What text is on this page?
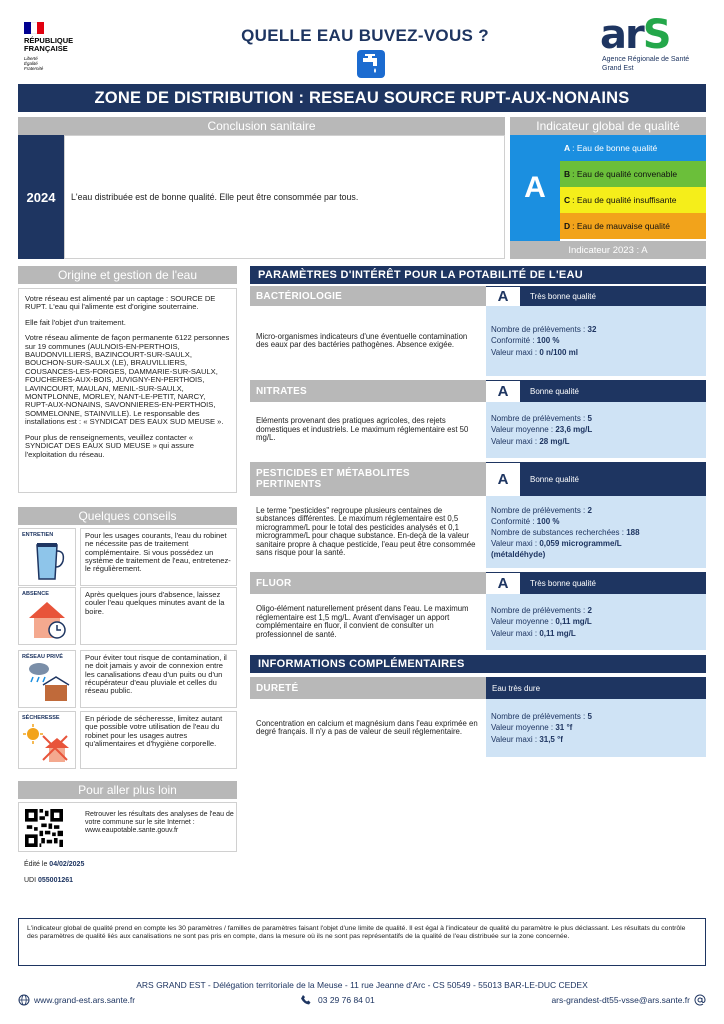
RÉPUBLIQUE
FRANÇAISE
Liberté
Égalité
Fraternité
QUELLE EAU BUVEZ-VOUS ?	arS
Agence Régionale de Santé
Grand Est
ZONE DE DISTRIBUTION : RESEAU SOURCE RUPT-AUX-NONAINS
Conclusion sanitaire	Indicateur global de qualité
2024	L'eau distribuée est de bonne qualité. Elle peut être consommée par tous.	A
A : Eau de bonne qualité
B : Eau de qualité convenable
C : Eau de qualité insuffisante
D : Eau de mauvaise qualité
Indicateur 2023 : A
Origine et gestion de l'eau

Votre réseau est alimenté par un captage : SOURCE DE RUPT. L'eau qui l'alimente est d'origine souterraine.

Elle fait l'objet d'un traitement.

Votre réseau alimente de façon permanente 6122 personnes sur 19 communes (AULNOIS-EN-PERTHOIS, BAUDONVILLIERS, BAZINCOURT-SUR-SAULX, BOUCHON-SUR-SAULX (LE), BRAUVILLIERS, COUSANCES-LES-FORGES, DAMMARIE-SUR-SAULX, FOUCHERES-AUX-BOIS, JUVIGNY-EN-PERTHOIS, LAVINCOURT, MAULAN, MENIL-SUR-SAULX, MONTPLONNE, MORLEY, NANT-LE-PETIT, NARCY, RUPT-AUX-NONAINS, SAVONNIERES-EN-PERTHOIS, SOMMELONNE, STAINVILLE). Le responsable des installations est : « SYNDICAT DES EAUX SUD MEUSE ».

Pour plus de renseignements, veuillez contacter « SYNDICAT DES EAUX SUD MEUSE » qui assure l'exploitation du réseau.

Quelques conseils
ENTRETIEN	Pour les usages courants, l'eau du robinet ne nécessite pas de traitement complémentaire. Si vous possédez un système de traitement de l'eau, entretenez-le régulièrement.
ABSENCE	Après quelques jours d'absence, laissez couler l'eau quelques minutes avant de la boire.
RÉSEAU PRIVÉ	Pour éviter tout risque de contamination, il ne doit jamais y avoir de connexion entre les canalisations d'eau d'un puits ou d'un récupérateur d'eau pluviale et celles du réseau public.
SÉCHERESSE	En période de sécheresse, limitez autant que possible votre utilisation de l'eau du robinet pour les usages autres qu'alimentaires et d'hygiène corporelle.
Pour aller plus loin
Retrouver les résultats des analyses de l'eau de votre commune sur le site Internet : www.eaupotable.sante.gouv.fr
Édité le 04/02/2025
UDI 055001261
PARAMÈTRES D'INTÉRÊT POUR LA POTABILITÉ DE L'EAU
BACTÉRIOLOGIE	A	Très bonne qualité
Micro-organismes indicateurs d'une éventuelle contamination des eaux par des bactéries pathogènes. Absence exigée.
Nombre de prélèvements : 32
Conformité : 100 %
Valeur maxi : 0 n/100 ml
NITRATES	A	Bonne qualité
Eléments provenant des pratiques agricoles, des rejets domestiques et industriels. Le maximum réglementaire est 50 mg/L.
Nombre de prélèvements : 5
Valeur moyenne : 23,6 mg/L
Valeur maxi : 28 mg/L
PESTICIDES ET MÉTABOLITES
PERTINENTS	A	Bonne qualité
Le terme "pesticides" regroupe plusieurs centaines de substances différentes. Le maximum réglementaire est 0,5 microgramme/L pour le total des pesticides analysés et 0,1 microgramme/L pour chaque substance. En-deçà de la valeur sanitaire propre à chaque pesticide, l'eau peut être consommée sans risque pour la santé.
Nombre de prélèvements : 2
Conformité : 100 %
Nombre de substances recherchées : 188
Valeur maxi : 0,059 microgramme/L
(métaldéhyde)
FLUOR	A	Très bonne qualité
Oligo-élément naturellement présent dans l'eau. Le maximum réglementaire est 1,5 mg/L. Avant d'envisager un apport complémentaire en fluor, il convient de consulter un professionnel de santé.
Nombre de prélèvements : 2
Valeur moyenne : 0,11 mg/L
Valeur maxi : 0,11 mg/L
INFORMATIONS COMPLÉMENTAIRES
DURETÉ	Eau très dure
Concentration en calcium et magnésium dans l'eau exprimée en degré français. Il n'y a pas de valeur de seuil réglementaire.
Nombre de prélèvements : 5
Valeur moyenne : 31 °f
Valeur maxi : 31,5 °f
L'indicateur global de qualité prend en compte les 30 paramètres / familles de paramètres faisant l'objet d'une limite de qualité. Il est égal à l'indicateur de qualité du paramètre le plus déclassant. Les résultats du contrôle des paramètres de qualité liés aux canalisations ne sont pas pris en compte, dans la mesure où ils ne sont pas représentatifs de la qualité de l'eau distribuée sur la zone concernée.
ARS GRAND EST - Délégation territoriale de la Meuse - 11 rue Jeanne d'Arc - CS 50549 - 55013 BAR-LE-DUC CEDEX
www.grand-est.ars.sante.fr	03 29 76 84 01	ars-grandest-dt55-vsse@ars.sante.fr
